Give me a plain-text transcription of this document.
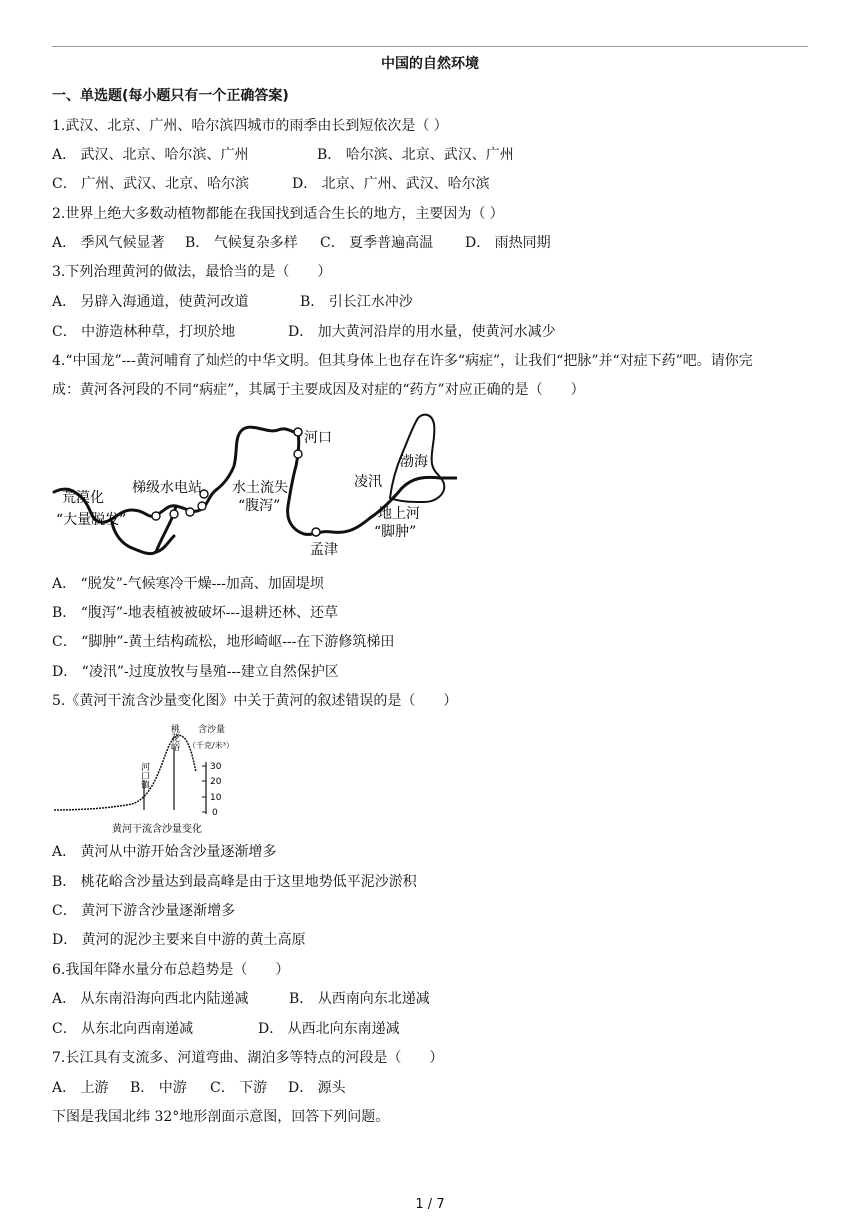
中国的自然环境
一、单选题(每小题只有一个正确答案)
1.武汉、北京、广州、哈尔滨四城市的雨季由长到短依次是（ ）
A． 武汉、北京、哈尔滨、广州	B． 哈尔滨、北京、武汉、广州
C． 广州、武汉、北京、哈尔滨	D． 北京、广州、武汉、哈尔滨
2.世界上绝大多数动植物都能在我国找到适合生长的地方，主要因为（ ）
A． 季风气候显著 B． 气候复杂多样 C． 夏季普遍高温 D． 雨热同期
3.下列治理黄河的做法，最恰当的是（　　）
A． 另辟入海通道，使黄河改道	B． 引长江水冲沙
C． 中游造林种草，打坝於地	D． 加大黄河沿岸的用水量，使黄河水减少
4.“中国龙”---黄河哺育了灿烂的中华文明。但其身体上也存在许多“病症”，让我们“把脉”并“对症下药”吧。请你完
成：黄河各河段的不同“病症”，其属于主要成因及对症的“药方”对应正确的是（　　）
河口
渤海
凌汛
荒漠化
“大量脱发”
梯级水电站 水土流失
“腹泻”	地上河
“脚肿”
孟津
A． “脱发”-气候寒冷干燥---加高、加固堤坝
B． “腹泻”-地表植被被破坏---退耕还林、还草
C． “脚肿”-黄土结构疏松，地形崎岖---在下游修筑梯田
D． “凌汛”-过度放牧与垦殖---建立自然保护区
5.《黄河干流含沙量变化图》中关于黄河的叙述错误的是（　　）
30
20
10
0
含沙量
（千克/米³）
河口镇
桃花峪
黄河干流含沙量变化
A． 黄河从中游开始含沙量逐渐增多
B． 桃花峪含沙量达到最高峰是由于这里地势低平泥沙淤积
C． 黄河下游含沙量逐渐增多
D． 黄河的泥沙主要来自中游的黄土高原
6.我国年降水量分布总趋势是（　　）
A． 从东南沿海向西北内陆递减	B． 从西南向东北递减
C． 从东北向西南递减	D． 从西北向东南递减
7.长江具有支流多、河道弯曲、湖泊多等特点的河段是（　　）
A． 上游 B． 中游 C． 下游 D． 源头
下图是我国北纬 32°地形剖面示意图，回答下列问题。
1 / 7
